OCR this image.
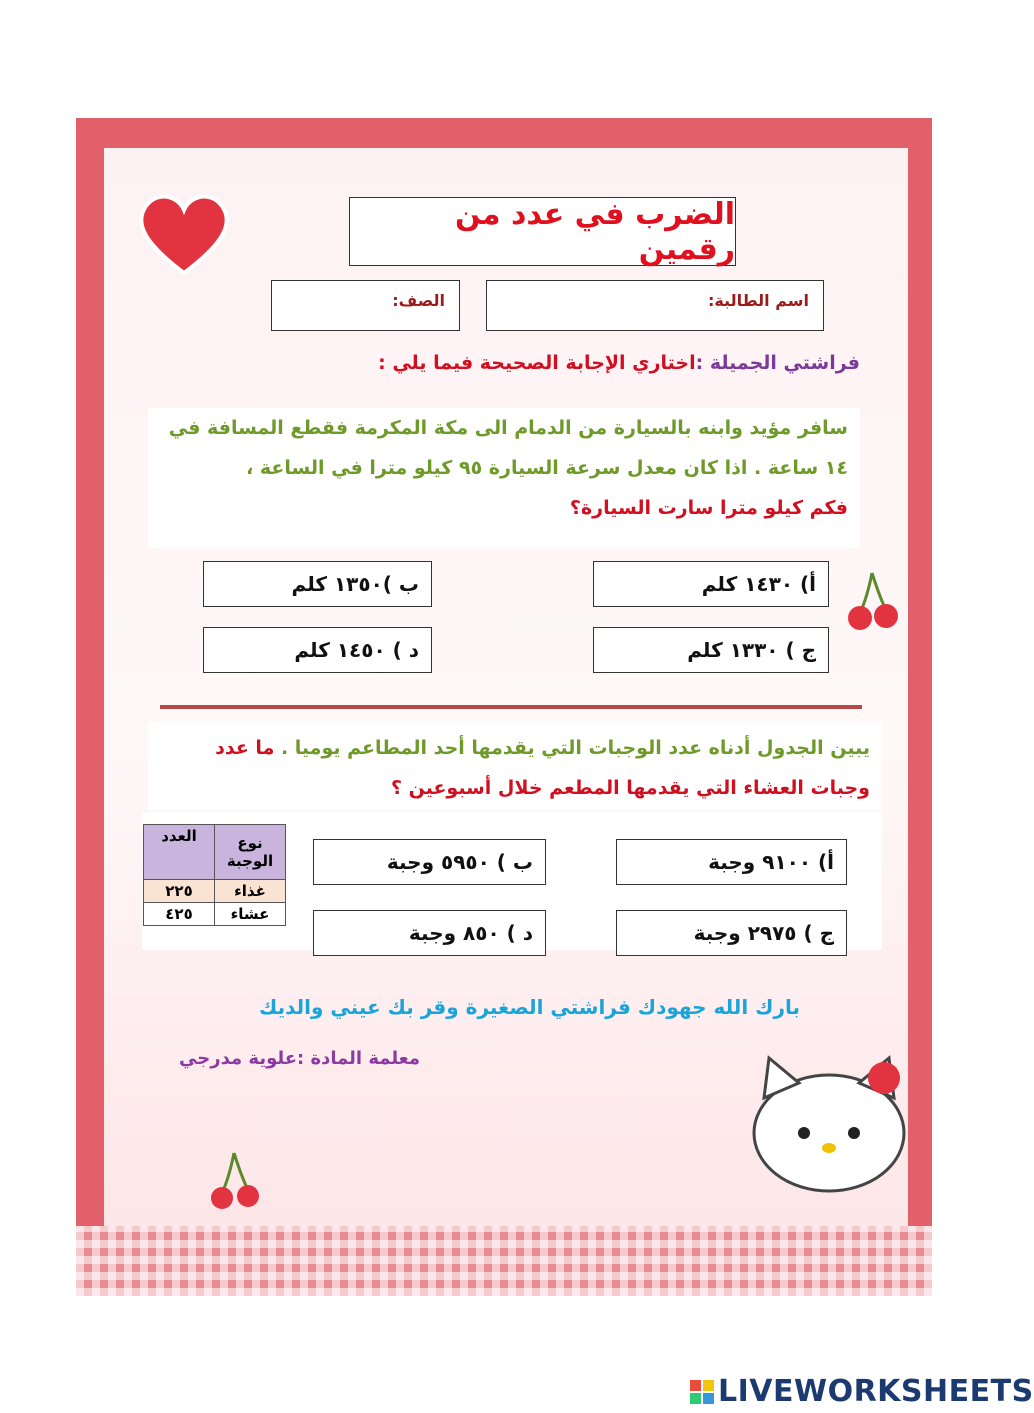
الضرب في عدد من رقمين
اسم الطالبة:
الصف:
فراشتي الجميلة :اختاري الإجابة الصحيحة فيما يلي :
سافر مؤيد وابنه بالسيارة من الدمام الى مكة المكرمة فقطع المسافة في
١٤ ساعة . اذا كان معدل سرعة السيارة ٩٥ كيلو مترا في الساعة ،
فكم كيلو مترا سارت السيارة؟
أ) ١٤٣٠ كلم
ب )١٣٥٠ كلم
ج ) ١٣٣٠ كلم
د ) ١٤٥٠ كلم
يبين الجدول أدناه عدد الوجبات التي يقدمها أحد المطاعم يوميا . ما عدد
وجبات العشاء التي يقدمها المطعم خلال أسبوعين ؟
نوع الوجبة	العدد
غذاء	٢٢٥
عشاء	٤٢٥
أ) ٩١٠٠ وجبة
ب ) ٥٩٥٠ وجبة
ج ) ٢٩٧٥ وجبة
د ) ٨٥٠ وجبة
بارك الله جهودك فراشتي الصغيرة وقر بك عيني والديك
معلمة المادة :علوية مدرجي
LIVEWORKSHEETS
